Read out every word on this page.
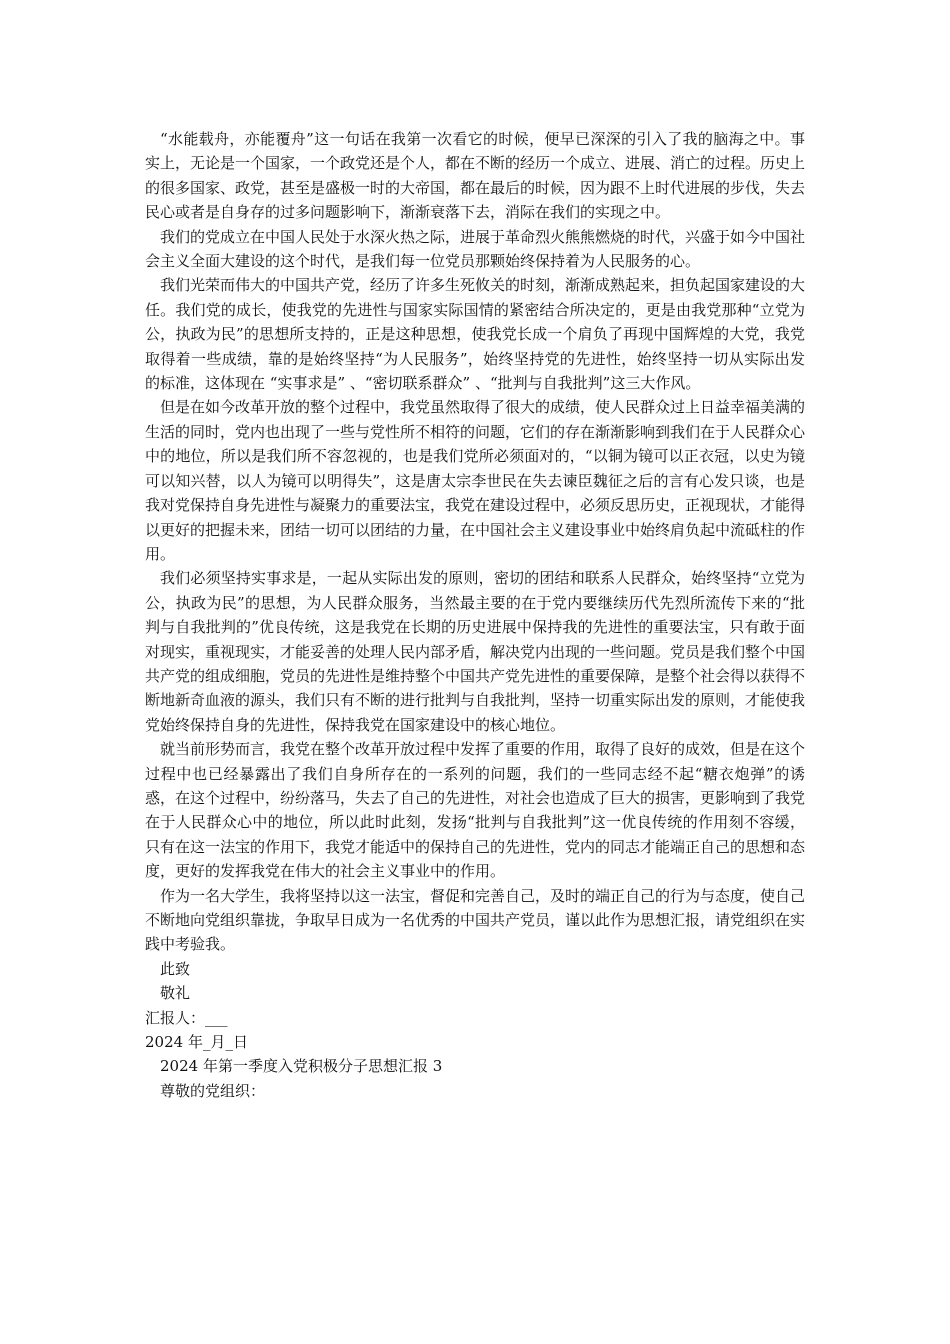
“水能载舟，亦能覆舟”这一句话在我第一次看它的时候，便早已深深的引入了我的脑海之中。事实上，无论是一个国家，一个政党还是个人，都在不断的经历一个成立、进展、消亡的过程。历史上的很多国家、政党，甚至是盛极一时的大帝国，都在最后的时候，因为跟不上时代进展的步伐，失去民心或者是自身存的过多问题影响下，渐渐衰落下去，消际在我们的实现之中。

我们的党成立在中国人民处于水深火热之际，进展于革命烈火熊熊燃烧的时代，兴盛于如今中国社会主义全面大建设的这个时代，是我们每一位党员那颗始终保持着为人民服务的心。

我们光荣而伟大的中国共产党，经历了许多生死攸关的时刻，渐渐成熟起来，担负起国家建设的大任。我们党的成长，使我党的先进性与国家实际国情的紧密结合所决定的，更是由我党那种“立党为公，执政为民”的思想所支持的，正是这种思想，使我党长成一个肩负了再现中国辉煌的大党，我党取得着一些成绩，靠的是始终坚持“为人民服务”，始终坚持党的先进性，始终坚持一切从实际出发的标准，这体现在 “实事求是” 、“密切联系群众” 、“批判与自我批判”这三大作风。

但是在如今改革开放的整个过程中，我党虽然取得了很大的成绩，使人民群众过上日益幸福美满的生活的同时，党内也出现了一些与党性所不相符的问题，它们的存在渐渐影响到我们在于人民群众心中的地位，所以是我们所不容忽视的，也是我们党所必须面对的，“以铜为镜可以正衣冠，以史为镜可以知兴替，以人为镜可以明得失”，这是唐太宗李世民在失去谏臣魏征之后的言有心发只谈，也是我对党保持自身先进性与凝聚力的重要法宝，我党在建设过程中，必须反思历史，正视现状，才能得以更好的把握未来，团结一切可以团结的力量，在中国社会主义建设事业中始终肩负起中流砥柱的作用。

我们必须坚持实事求是，一起从实际出发的原则，密切的团结和联系人民群众，始终坚持“立党为公，执政为民”的思想，为人民群众服务，当然最主要的在于党内要继续历代先烈所流传下来的“批判与自我批判的”优良传统，这是我党在长期的历史进展中保持我的先进性的重要法宝，只有敢于面对现实，重视现实，才能妥善的处理人民内部矛盾，解决党内出现的一些问题。党员是我们整个中国共产党的组成细胞，党员的先进性是维持整个中国共产党先进性的重要保障，是整个社会得以获得不断地新奇血液的源头，我们只有不断的进行批判与自我批判，坚持一切重实际出发的原则，才能使我党始终保持自身的先进性，保持我党在国家建设中的核心地位。

就当前形势而言，我党在整个改革开放过程中发挥了重要的作用，取得了良好的成效，但是在这个过程中也已经暴露出了我们自身所存在的一系列的问题，我们的一些同志经不起“糖衣炮弹”的诱惑，在这个过程中，纷纷落马，失去了自己的先进性，对社会也造成了巨大的损害，更影响到了我党在于人民群众心中的地位，所以此时此刻，发扬“批判与自我批判”这一优良传统的作用刻不容缓，只有在这一法宝的作用下，我党才能适中的保持自己的先进性，党内的同志才能端正自己的思想和态度，更好的发挥我党在伟大的社会主义事业中的作用。

作为一名大学生，我将坚持以这一法宝，督促和完善自己，及时的端正自己的行为与态度，使自己不断地向党组织靠拢，争取早日成为一名优秀的中国共产党员，谨以此作为思想汇报，请党组织在实践中考验我。

此致

敬礼

汇报人：___

2024 年_月_日

2024 年第一季度入党积极分子思想汇报 3

尊敬的党组织：
